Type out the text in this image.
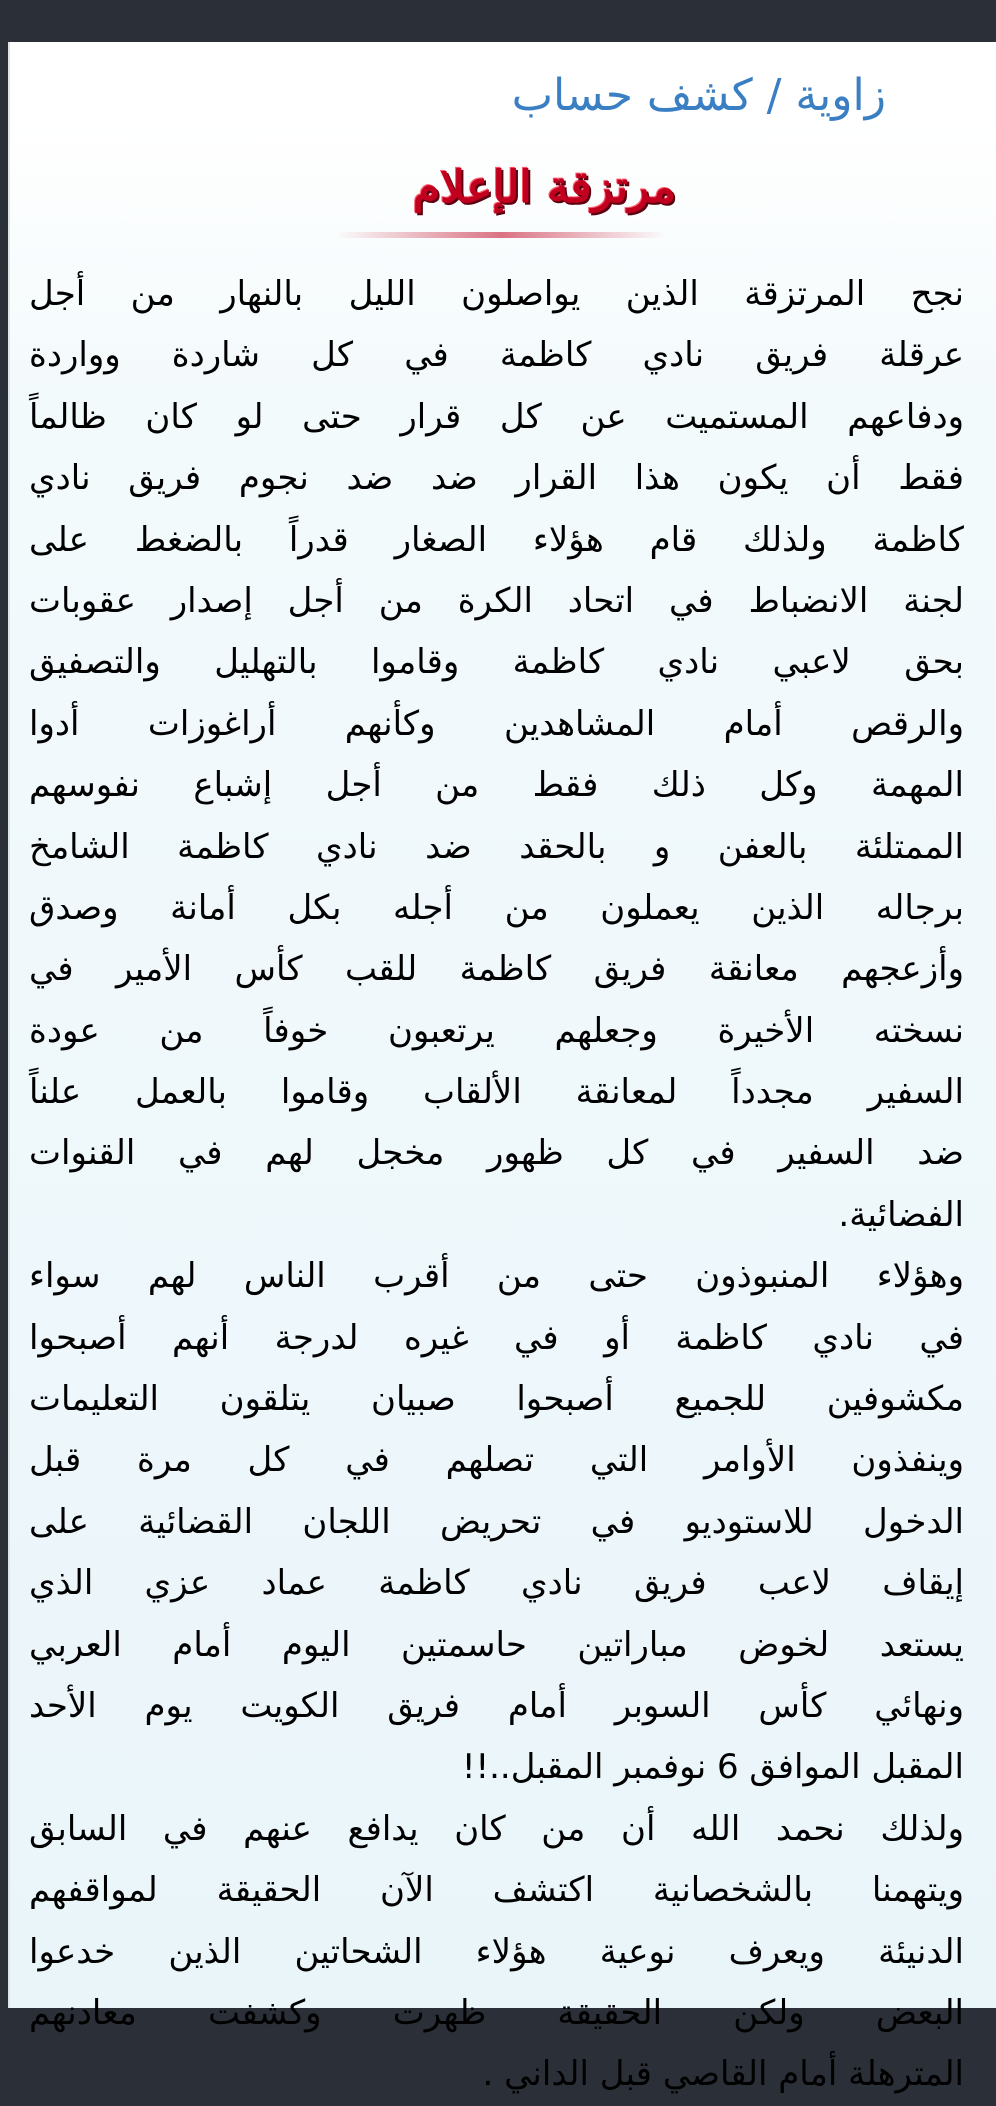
زاوية / كشف حساب
مرتزقة الإعلام
نجح المرتزقة الذين يواصلون الليل بالنهار من أجل
عرقلة فريق نادي كاظمة في كل شاردة وواردة
ودفاعهم المستميت عن كل قرار حتى لو كان ظالماً
فقط أن يكون هذا القرار ضد ضد نجوم فريق نادي
كاظمة ولذلك قام هؤلاء الصغار قدراً بالضغط على
لجنة الانضباط في اتحاد الكرة من أجل إصدار عقوبات
بحق لاعبي نادي كاظمة وقاموا بالتهليل والتصفيق
والرقص أمام المشاهدين وكأنهم أراغوزات أدوا
المهمة وكل ذلك فقط من أجل إشباع نفوسهم
الممتلئة بالعفن و بالحقد ضد نادي كاظمة الشامخ
برجاله الذين يعملون من أجله بكل أمانة وصدق
وأزعجهم معانقة فريق كاظمة للقب كأس الأمير في
نسخته الأخيرة وجعلهم يرتعبون خوفاً من عودة
السفير مجدداً لمعانقة الألقاب وقاموا بالعمل علناً
ضد السفير في كل ظهور مخجل لهم في القنوات
الفضائية.
وهؤلاء المنبوذون حتى من أقرب الناس لهم سواء
في نادي كاظمة أو في غيره لدرجة أنهم أصبحوا
مكشوفين للجميع أصبحوا صبيان يتلقون التعليمات
وينفذون الأوامر التي تصلهم في كل مرة قبل
الدخول للاستوديو في تحريض اللجان القضائية على
إيقاف لاعب فريق نادي كاظمة عماد عزي الذي
يستعد لخوض مباراتين حاسمتين اليوم أمام العربي
ونهائي كأس السوبر أمام فريق الكويت يوم الأحد
المقبل الموافق 6 نوفمبر المقبل..!!
ولذلك نحمد الله أن من كان يدافع عنهم في السابق
ويتهمنا بالشخصانية اكتشف الآن الحقيقة لمواقفهم
الدنيئة ويعرف نوعية هؤلاء الشحاتين الذين خدعوا
البعض ولكن الحقيقة ظهرت وكشفت معادنهم
المترهلة أمام القاصي قبل الداني .
